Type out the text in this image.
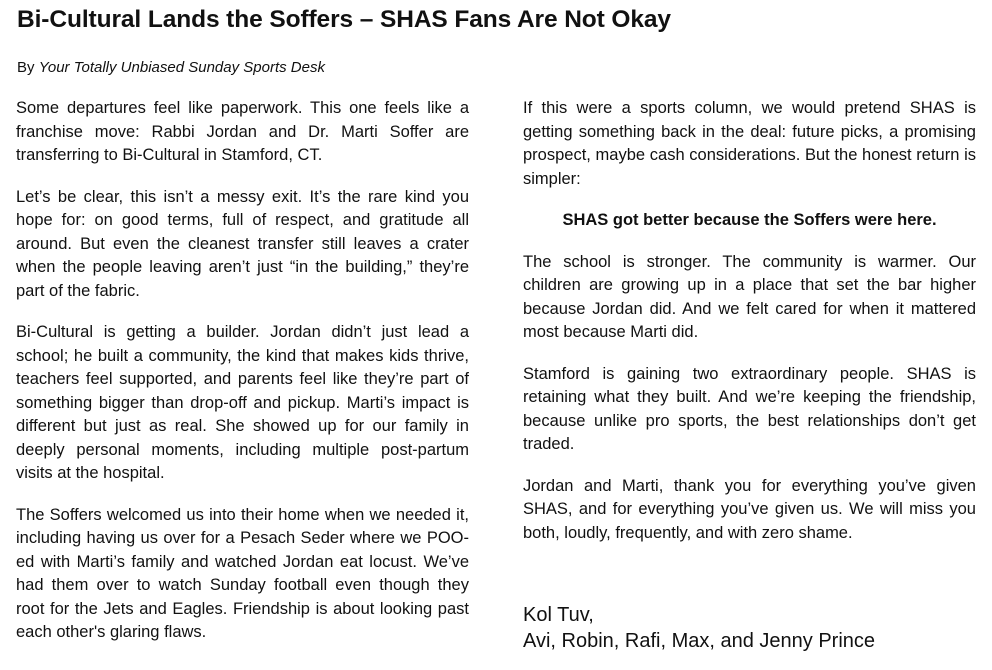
Bi-Cultural Lands the Soffers – SHAS Fans Are Not Okay

By Your Totally Unbiased Sunday Sports Desk

Some departures feel like paperwork. This one feels like a franchise move: Rabbi Jordan and Dr. Marti Soffer are transferring to Bi-Cultural in Stamford, CT.

Let’s be clear, this isn’t a messy exit. It’s the rare kind you hope for: on good terms, full of respect, and gratitude all around. But even the cleanest transfer still leaves a crater when the people leaving aren’t just “in the building,” they’re part of the fabric.

Bi-Cultural is getting a builder. Jordan didn’t just lead a school; he built a community, the kind that makes kids thrive, teachers feel supported, and parents feel like they’re part of something bigger than drop-off and pickup. Marti’s impact is different but just as real. She showed up for our family in deeply personal moments, including multiple post-partum visits at the hospital.

The Soffers welcomed us into their home when we needed it, including having us over for a Pesach Seder where we POO-ed with Marti’s family and watched Jordan eat locust. We’ve had them over to watch Sunday football even though they root for the Jets and Eagles. Friendship is about looking past each other's glaring flaws.

If this were a sports column, we would pretend SHAS is getting something back in the deal: future picks, a promising prospect, maybe cash considerations. But the honest return is simpler:

SHAS got better because the Soffers were here.

The school is stronger. The community is warmer. Our children are growing up in a place that set the bar higher because Jordan did. And we felt cared for when it mattered most because Marti did.

Stamford is gaining two extraordinary people. SHAS is retaining what they built. And we’re keeping the friendship, because unlike pro sports, the best relationships don’t get traded.

Jordan and Marti, thank you for everything you’ve given SHAS, and for everything you’ve given us. We will miss you both, loudly, frequently, and with zero shame.

Kol Tuv,
Avi, Robin, Rafi, Max, and Jenny Prince
